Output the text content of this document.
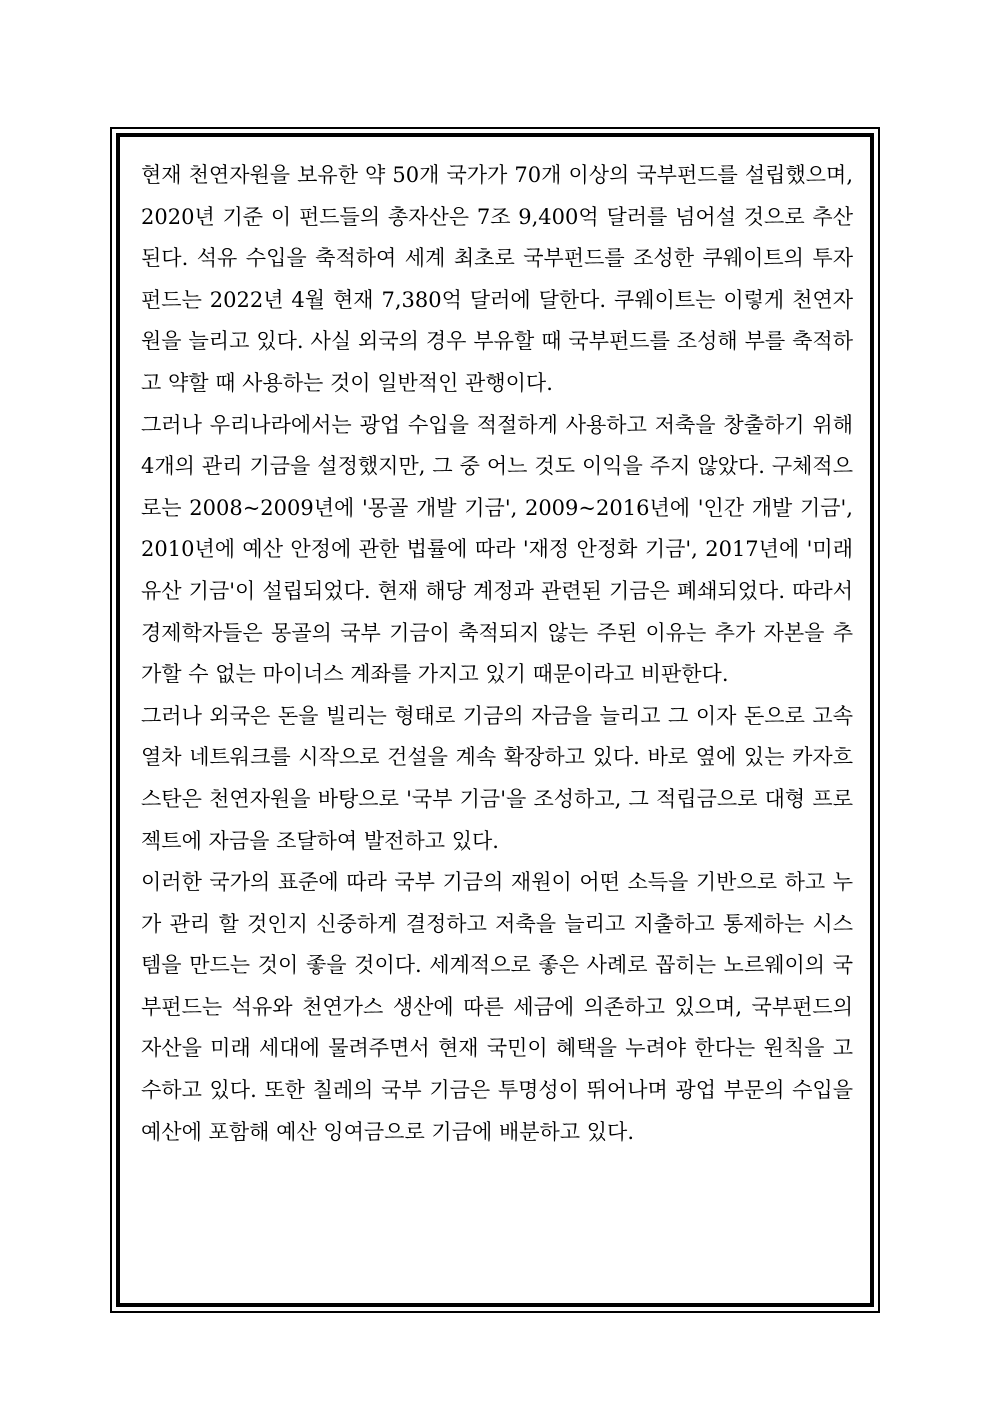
현재 천연자원을 보유한 약 50개 국가가 70개 이상의 국부펀드를 설립했으며, 2020년 기준 이 펀드들의 총자산은 7조 9,400억 달러를 넘어설 것으로 추산된다. 석유 수입을 축적하여 세계 최초로 국부펀드를 조성한 쿠웨이트의 투자 펀드는 2022년 4월 현재 7,380억 달러에 달한다. 쿠웨이트는 이렇게 천연자원을 늘리고 있다. 사실 외국의 경우 부유할 때 국부펀드를 조성해 부를 축적하고 약할 때 사용하는 것이 일반적인 관행이다.

그러나 우리나라에서는 광업 수입을 적절하게 사용하고 저축을 창출하기 위해 4개의 관리 기금을 설정했지만, 그 중 어느 것도 이익을 주지 않았다. 구체적으로는 2008~2009년에 '몽골 개발 기금', 2009~2016년에 '인간 개발 기금', 2010년에 예산 안정에 관한 법률에 따라 '재정 안정화 기금', 2017년에 '미래 유산 기금'이 설립되었다. 현재 해당 계정과 관련된 기금은 폐쇄되었다. 따라서 경제학자들은 몽골의 국부 기금이 축적되지 않는 주된 이유는 추가 자본을 추가할 수 없는 마이너스 계좌를 가지고 있기 때문이라고 비판한다.

그러나 외국은 돈을 빌리는 형태로 기금의 자금을 늘리고 그 이자 돈으로 고속 열차 네트워크를 시작으로 건설을 계속 확장하고 있다. 바로 옆에 있는 카자흐스탄은 천연자원을 바탕으로 '국부 기금'을 조성하고, 그 적립금으로 대형 프로젝트에 자금을 조달하여 발전하고 있다.

이러한 국가의 표준에 따라 국부 기금의 재원이 어떤 소득을 기반으로 하고 누가 관리 할 것인지 신중하게 결정하고 저축을 늘리고 지출하고 통제하는 시스템을 만드는 것이 좋을 것이다. 세계적으로 좋은 사례로 꼽히는 노르웨이의 국부펀드는 석유와 천연가스 생산에 따른 세금에 의존하고 있으며, 국부펀드의 자산을 미래 세대에 물려주면서 현재 국민이 혜택을 누려야 한다는 원칙을 고수하고 있다. 또한 칠레의 국부 기금은 투명성이 뛰어나며 광업 부문의 수입을 예산에 포함해 예산 잉여금으로 기금에 배분하고 있다.
